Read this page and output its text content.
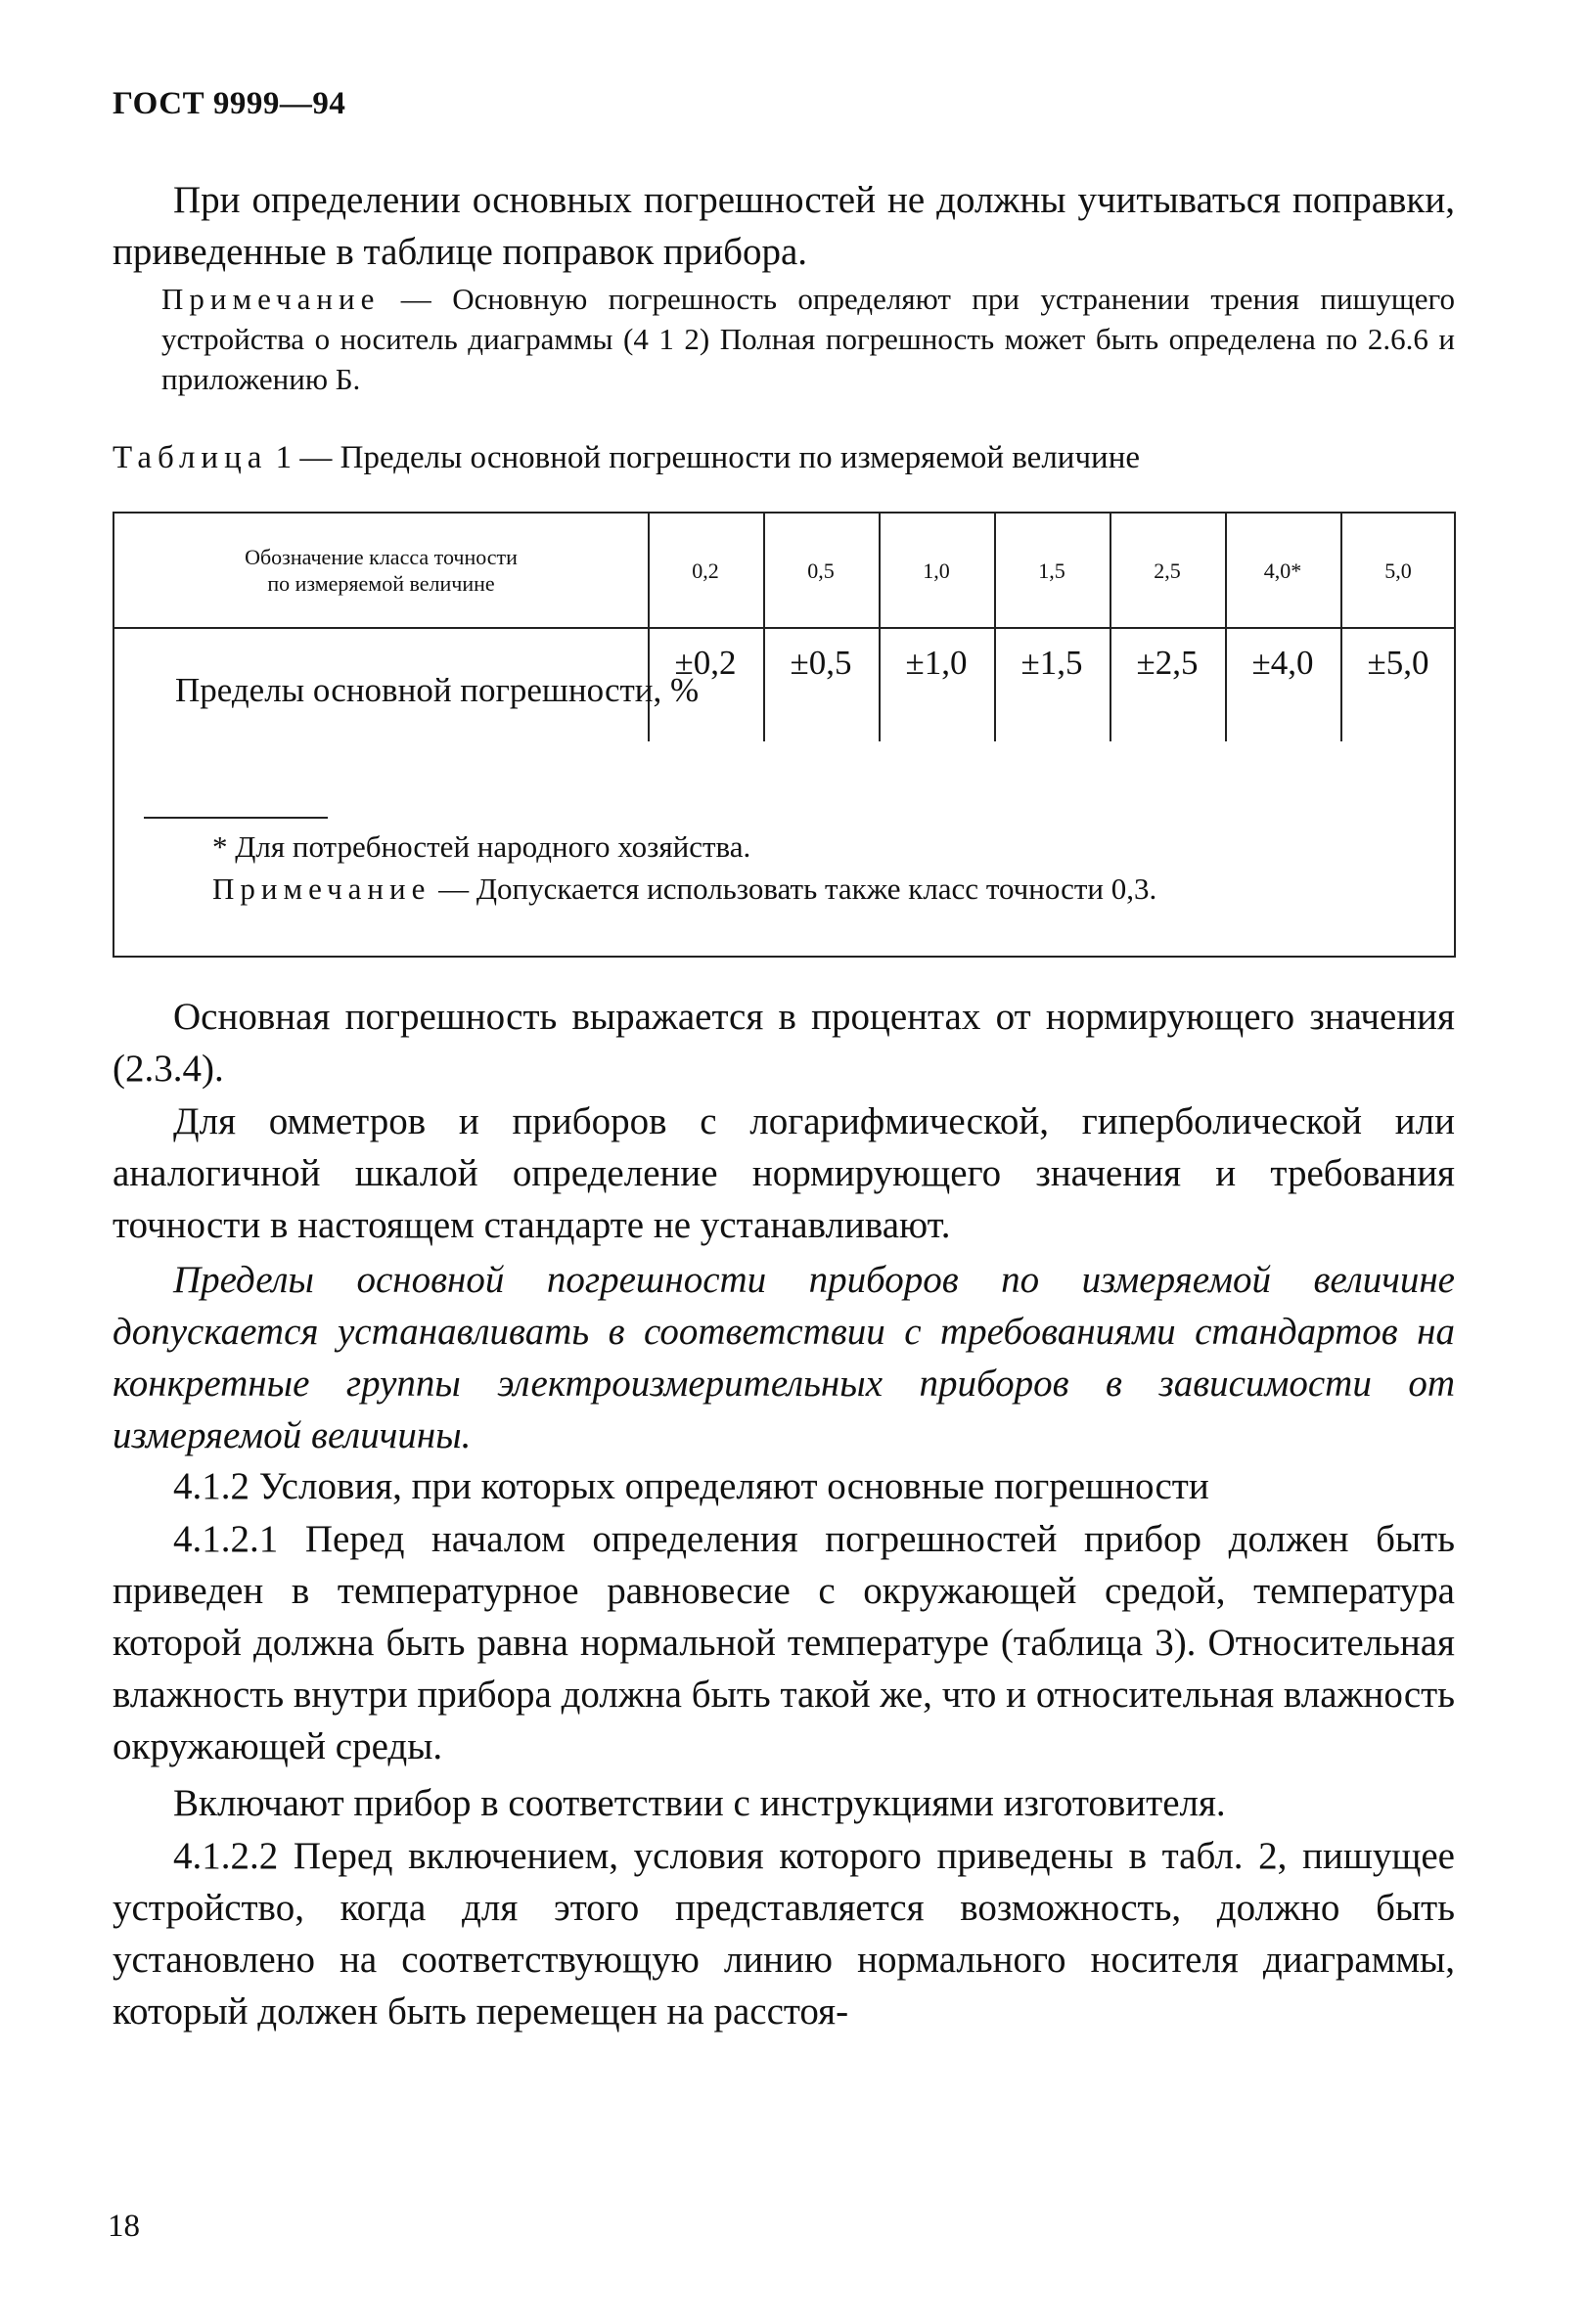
ГОСТ 9999—94

При определении основных погрешностей не должны учитываться поправки, приведенные в таблице поправок прибора.

Примечание — Основную погрешность определяют при устранении трения пишущего устройства о носитель диаграммы (4 1 2) Полная погрешность может быть определена по 2.6.6 и приложению Б.

Таблица 1 — Пределы основной погрешности по измеряемой величине
Обозначение класса точности
по измеряемой величине
0,2	0,5	1,0	1,5	2,5	4,0*	5,0
Пределы основной погрешности, %
±0,2	±0,5	±1,0	±1,5	±2,5	±4,0	±5,0
* Для потребностей народного хозяйства.
Примечание — Допускается использовать также класс точности 0,3.

Основная погрешность выражается в процентах от нормирующего значения (2.3.4).

Для омметров и приборов с логарифмической, гиперболической или аналогичной шкалой определение нормирующего значения и требования точности в настоящем стандарте не устанавливают.

Пределы основной погрешности приборов по измеряемой величине допускается устанавливать в соответствии с требованиями стандартов на конкретные группы электроизмерительных приборов в зависимости от измеряемой величины.

4.1.2 Условия, при которых определяют основные погрешности

4.1.2.1 Перед началом определения погрешностей прибор должен быть приведен в температурное равновесие с окружающей средой, температура которой должна быть равна нормальной температуре (таблица 3). Относительная влажность внутри прибора должна быть такой же, что и относительная влажность окружающей среды.

Включают прибор в соответствии с инструкциями изготовителя.

4.1.2.2 Перед включением, условия которого приведены в табл. 2, пишущее устройство, когда для этого представляется возможность, должно быть установлено на соответствующую линию нормального носителя диаграммы, который должен быть перемещен на расстоя-

18
